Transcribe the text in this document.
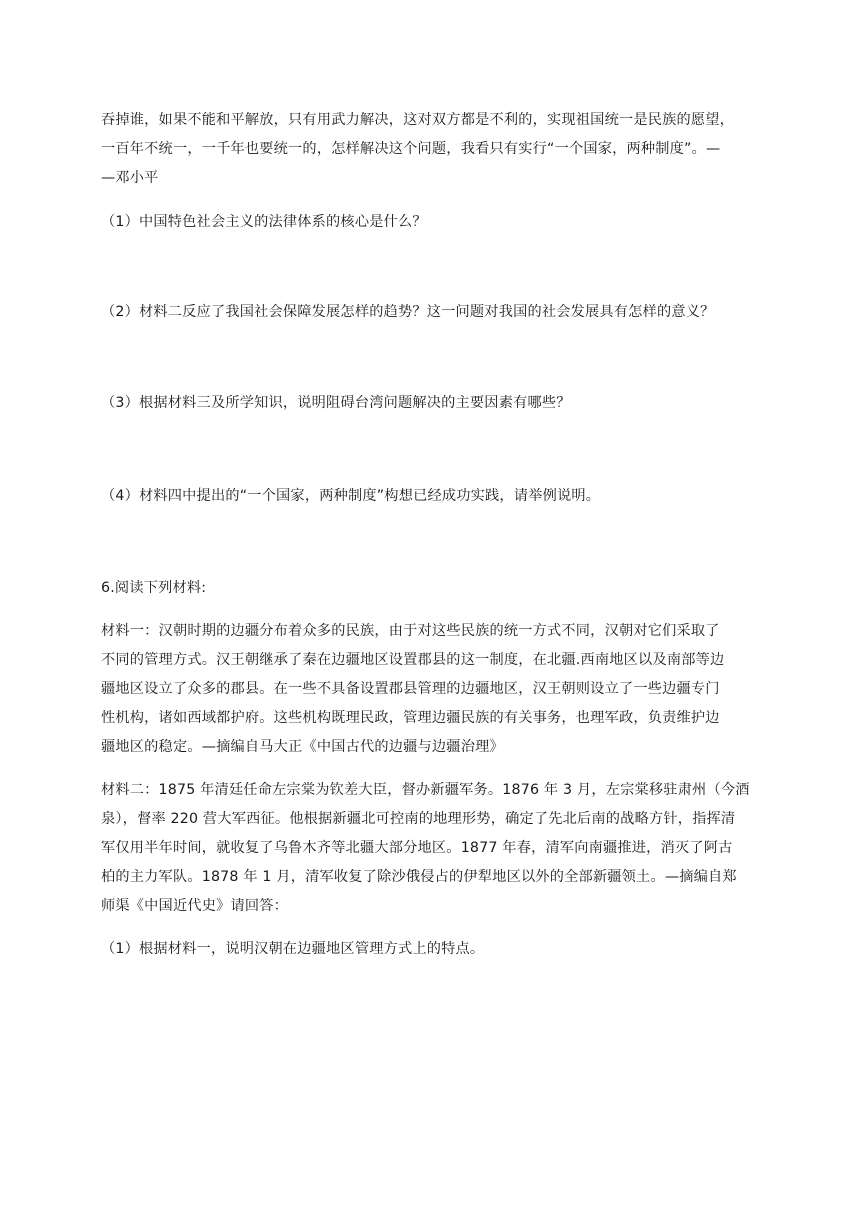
吞掉谁，如果不能和平解放，只有用武力解决，这对双方都是不利的，实现祖国统一是民族的愿望，
一百年不统一，一千年也要统一的，怎样解决这个问题，我看只有实行“一个国家，两种制度”。—
—邓小平

（1）中国特色社会主义的法律体系的核心是什么？

（2）材料二反应了我国社会保障发展怎样的趋势？这一问题对我国的社会发展具有怎样的意义？

（3）根据材料三及所学知识，说明阻碍台湾问题解决的主要因素有哪些？

（4）材料四中提出的“一个国家，两种制度”构想已经成功实践，请举例说明。

6.阅读下列材料:

材料一：汉朝时期的边疆分布着众多的民族，由于对这些民族的统一方式不同，汉朝对它们采取了
不同的管理方式。汉王朝继承了秦在边疆地区设置郡县的这一制度，在北疆.西南地区以及南部等边
疆地区设立了众多的郡县。在一些不具备设置郡县管理的边疆地区，汉王朝则设立了一些边疆专门
性机构，诸如西域都护府。这些机构既理民政，管理边疆民族的有关事务，也理军政，负责维护边
疆地区的稳定。—摘编自马大正《中国古代的边疆与边疆治理》

材料二：1875 年清廷任命左宗棠为钦差大臣，督办新疆军务。1876 年 3 月，左宗棠移驻肃州（今酒
泉），督率 220 营大军西征。他根据新疆北可控南的地理形势，确定了先北后南的战略方针，指挥清
军仅用半年时间，就收复了乌鲁木齐等北疆大部分地区。1877 年春，清军向南疆推进，消灭了阿古
柏的主力军队。1878 年 1 月，清军收复了除沙俄侵占的伊犁地区以外的全部新疆领土。—摘编自郑
师渠《中国近代史》请回答：

（1）根据材料一，说明汉朝在边疆地区管理方式上的特点。
